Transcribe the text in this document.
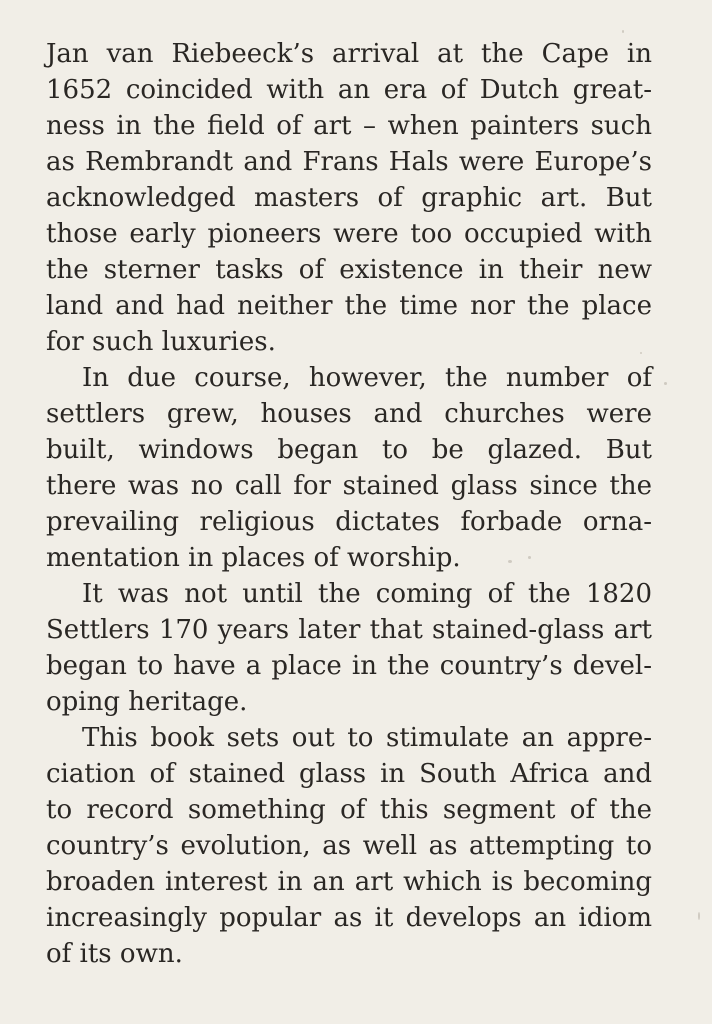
Jan van Riebeeck’s arrival at the Cape in
1652 coincided with an era of Dutch great-
ness in the field of art – when painters such
as Rembrandt and Frans Hals were Europe’s
acknowledged masters of graphic art. But
those early pioneers were too occupied with
the sterner tasks of existence in their new
land and had neither the time nor the place
for such luxuries.
In due course, however, the number of
settlers grew, houses and churches were
built, windows began to be glazed. But
there was no call for stained glass since the
prevailing religious dictates forbade orna-
mentation in places of worship.
It was not until the coming of the 1820
Settlers 170 years later that stained-glass art
began to have a place in the country’s devel-
oping heritage.
This book sets out to stimulate an appre-
ciation of stained glass in South Africa and
to record something of this segment of the
country’s evolution, as well as attempting to
broaden interest in an art which is becoming
increasingly popular as it develops an idiom
of its own.
